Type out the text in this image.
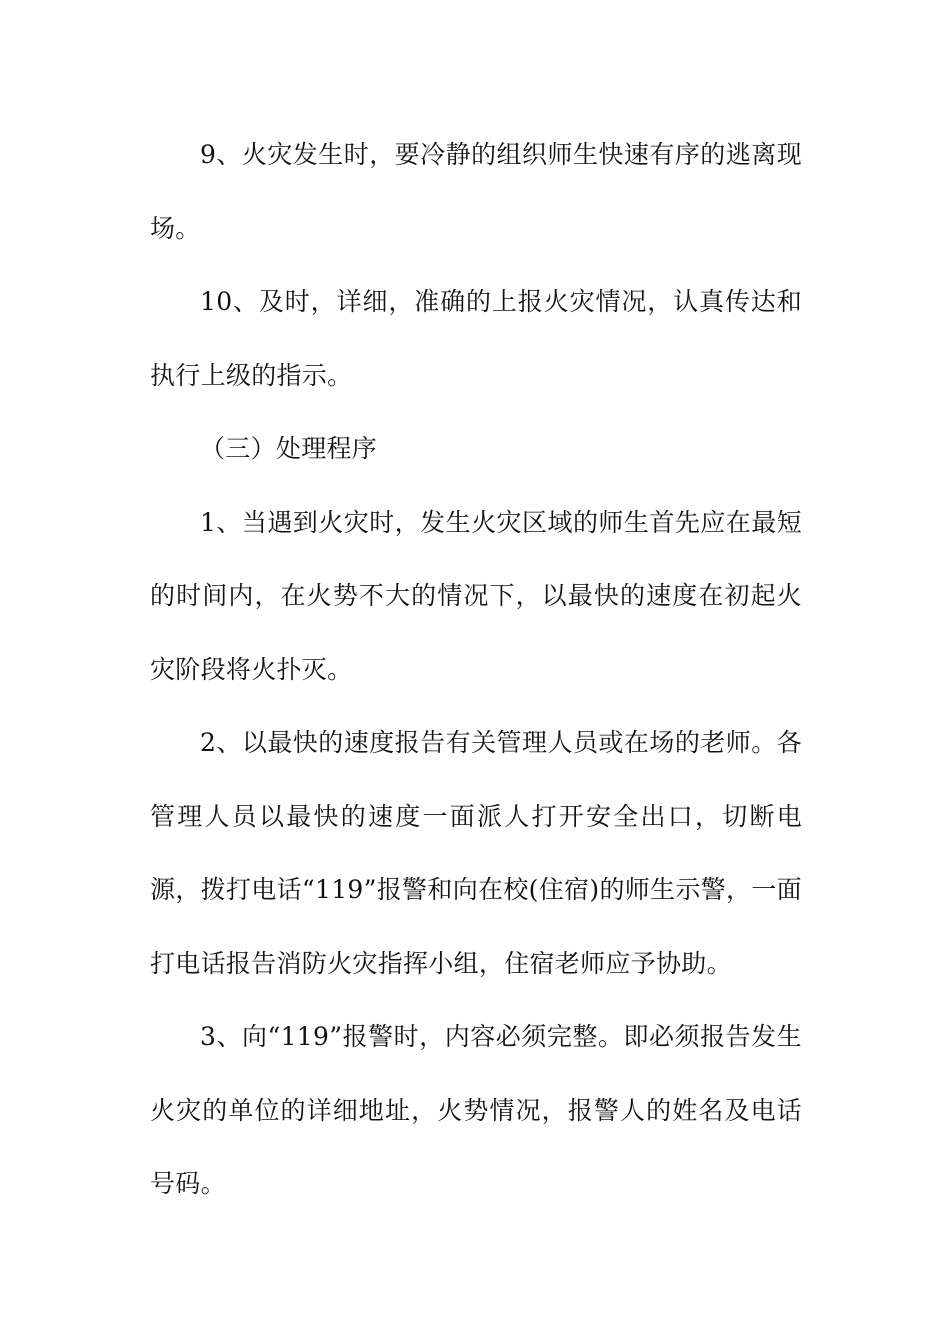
9、火灾发生时，要冷静的组织师生快速有序的逃离现场。

10、及时，详细，准确的上报火灾情况，认真传达和执行上级的指示。

（三）处理程序

1、当遇到火灾时，发生火灾区域的师生首先应在最短的时间内，在火势不大的情况下，以最快的速度在初起火灾阶段将火扑灭。

2、以最快的速度报告有关管理人员或在场的老师。各管理人员以最快的速度一面派人打开安全出口，切断电源，拨打电话“119”报警和向在校(住宿)的师生示警，一面打电话报告消防火灾指挥小组，住宿老师应予协助。

3、向“119”报警时，内容必须完整。即必须报告发生火灾的单位的详细地址，火势情况，报警人的姓名及电话号码。
